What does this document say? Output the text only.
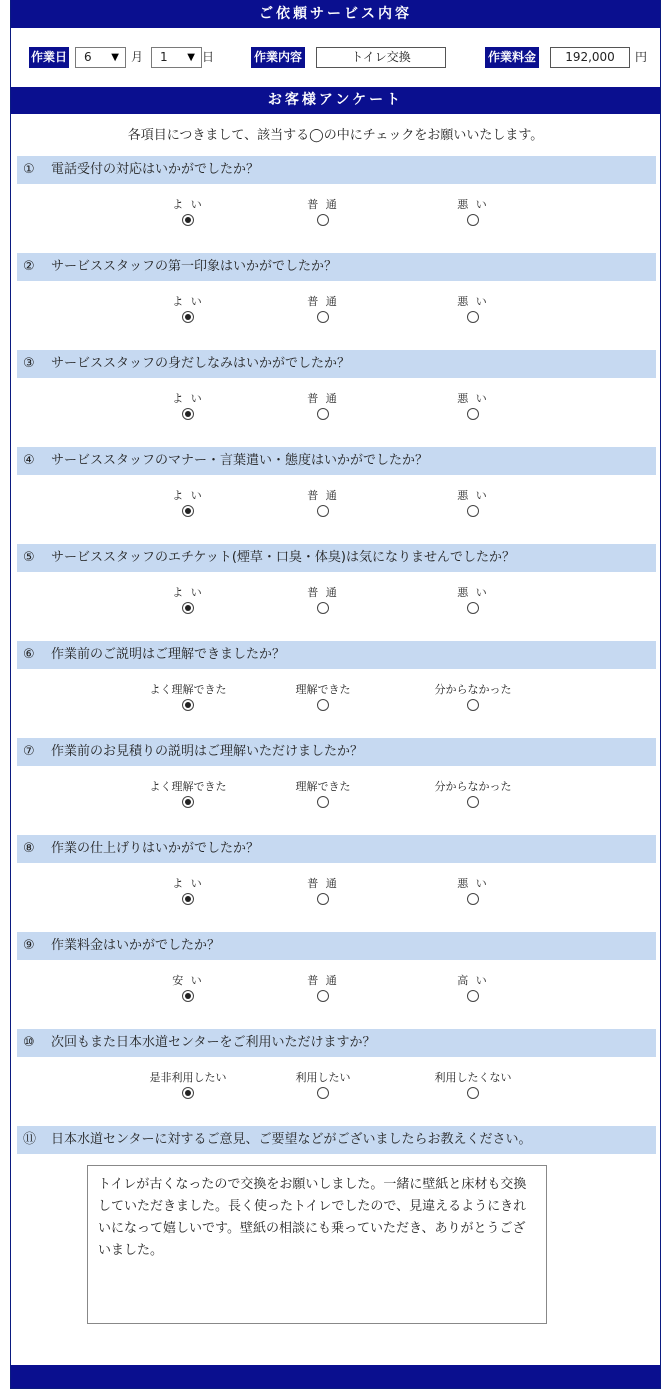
ご依頼サービス内容
作業日	6 ▼ 月	1 ▼ 日	作業内容	トイレ交換	作業料金	192,000	円
お客様アンケート
各項目につきまして、該当する◯の中にチェックをお願いいたします。
① 電話受付の対応はいかがでしたか？
よ い	普 通	悪 い
② サービススタッフの第一印象はいかがでしたか？
よ い	普 通	悪 い
③ サービススタッフの身だしなみはいかがでしたか？
よ い	普 通	悪 い
④ サービススタッフのマナー・言葉遣い・態度はいかがでしたか？
よ い	普 通	悪 い
⑤ サービススタッフのエチケット(煙草・口臭・体臭)は気になりませんでしたか？
よ い	普 通	悪 い
⑥ 作業前のご説明はご理解できましたか？
よく理解できた	理解できた	分からなかった
⑦ 作業前のお見積りの説明はご理解いただけましたか？
よく理解できた	理解できた	分からなかった
⑧ 作業の仕上げりはいかがでしたか？
よ い	普 通	悪 い
⑨ 作業料金はいかがでしたか？
安 い	普 通	高 い
⑩ 次回もまた日本水道センターをご利用いただけますか？
是非利用したい	利用したい	利用したくない
⑪ 日本水道センターに対するご意見、ご要望などがございましたらお教えください。
トイレが古くなったので交換をお願いしました。一緒に壁紙と床材も交換していただきました。長く使ったトイレでしたので、見違えるようにきれいになって嬉しいです。壁紙の相談にも乗っていただき、ありがとうございました。
